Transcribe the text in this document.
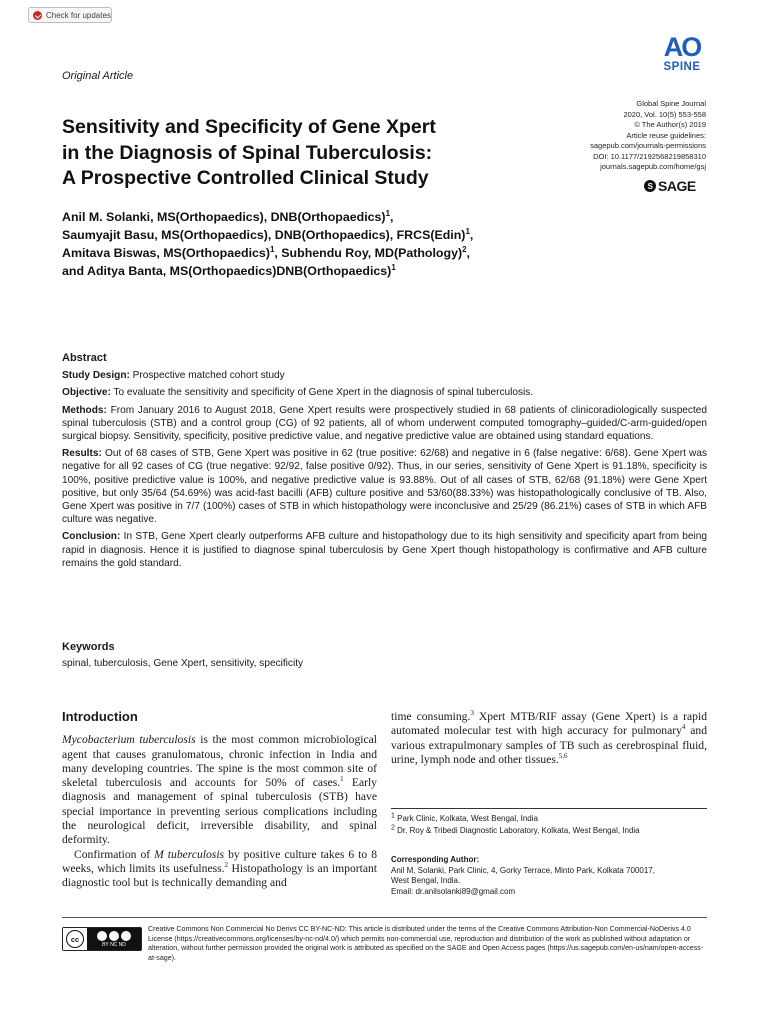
Check for updates
Original Article
AO
SPINE
Sensitivity and Specificity of Gene Xpert
in the Diagnosis of Spinal Tuberculosis:
A Prospective Controlled Clinical Study
Global Spine Journal
2020, Vol. 10(5) 553-558
© The Author(s) 2019
Article reuse guidelines:
sagepub.com/journals-permissions
DOI: 10.1177/2192568219858310
journals.sagepub.com/home/gsj
S SAGE
Anil M. Solanki, MS(Orthopaedics), DNB(Orthopaedics)$^1$,
Saumyajit Basu, MS(Orthopaedics), DNB(Orthopaedics), FRCS(Edin)$^1$,
Amitava Biswas, MS(Orthopaedics)$^1$, Subhendu Roy, MD(Pathology)$^2$,
and Aditya Banta, MS(Orthopaedics)DNB(Orthopaedics)$^1$
Abstract

Study Design: Prospective matched cohort study

Objective: To evaluate the sensitivity and specificity of Gene Xpert in the diagnosis of spinal tuberculosis.

Methods: From January 2016 to August 2018, Gene Xpert results were prospectively studied in 68 patients of clinicoradiologically suspected spinal tuberculosis (STB) and a control group (CG) of 92 patients, all of whom underwent computed tomography–guided/C-arm-guided/open surgical biopsy. Sensitivity, specificity, positive predictive value, and negative predictive value are obtained using standard equations.

Results: Out of 68 cases of STB, Gene Xpert was positive in 62 (true positive: 62/68) and negative in 6 (false negative: 6/68). Gene Xpert was negative for all 92 cases of CG (true negative: 92/92, false positive 0/92). Thus, in our series, sensitivity of Gene Xpert is 91.18%, specificity is 100%, positive predictive value is 100%, and negative predictive value is 93.88%. Out of all cases of STB, 62/68 (91.18%) were Gene Xpert positive, but only 35/64 (54.69%) was acid-fast bacilli (AFB) culture positive and 53/60(88.33%) was histopathologically conclusive of TB. Also, Gene Xpert was positive in 7/7 (100%) cases of STB in which histopathology were inconclusive and 25/29 (86.21%) cases of STB in which AFB culture was negative.

Conclusion: In STB, Gene Xpert clearly outperforms AFB culture and histopathology due to its high sensitivity and specificity apart from being rapid in diagnosis. Hence it is justified to diagnose spinal tuberculosis by Gene Xpert though histopathology is confirmative and AFB culture remains the gold standard.

Keywords
spinal, tuberculosis, Gene Xpert, sensitivity, specificity
Introduction

Mycobacterium tuberculosis is the most common microbiological agent that causes granulomatous, chronic infection in India and many developing countries. The spine is the most common site of skeletal tuberculosis and accounts for 50% of cases.$^1$ Early diagnosis and management of spinal tuberculosis (STB) have special importance in preventing serious complications including the neurological deficit, irreversible disability, and spinal deformity.

Confirmation of M tuberculosis by positive culture takes 6 to 8 weeks, which limits its usefulness.$^2$ Histopathology is an important diagnostic tool but is technically demanding and

time consuming.$^3$ Xpert MTB/RIF assay (Gene Xpert) is a rapid automated molecular test with high accuracy for pulmonary$^4$ and various extrapulmonary samples of TB such as cerebrospinal fluid, urine, lymph node and other tissues.$^{5,6}$

$^1$ Park Clinic, Kolkata, West Bengal, India
$^2$ Dr. Roy & Tribedi Diagnostic Laboratory, Kolkata, West Bengal, India
Corresponding Author:
Anil M. Solanki, Park Clinic, 4, Gorky Terrace, Minto Park, Kolkata 700017,
West Bengal, India.
Email: dr.anilsolanki89@gmail.com
cc
BY NC ND
Creative Commons Non Commercial No Derivs CC BY-NC-ND: This article is distributed under the terms of the Creative Commons Attribution-Non Commercial-NoDerivs 4.0 License (https://creativecommons.org/licenses/by-nc-nd/4.0/) which permits non-commercial use, reproduction and distribution of the work as published without adaptation or alteration, without further permission provided the original work is attributed as specified on the SAGE and Open Access pages (https://us.sagepub.com/en-us/nam/open-access-at-sage).
